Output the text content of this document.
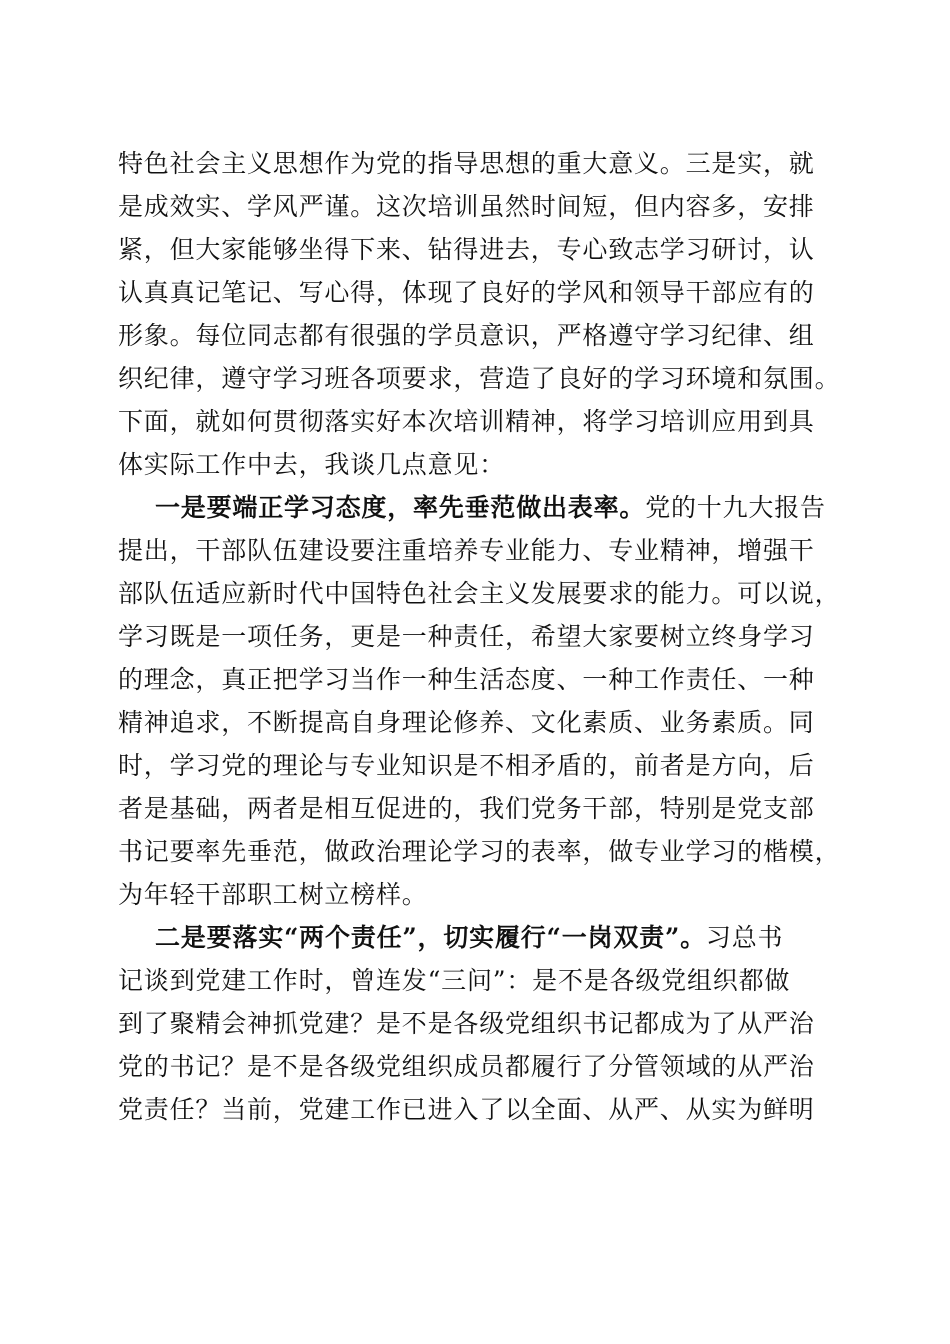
特色社会主义思想作为党的指导思想的重大意义。三是实，就
是成效实、学风严谨。这次培训虽然时间短，但内容多，安排
紧，但大家能够坐得下来、钻得进去，专心致志学习研讨，认
认真真记笔记、写心得，体现了良好的学风和领导干部应有的
形象。每位同志都有很强的学员意识，严格遵守学习纪律、组
织纪律，遵守学习班各项要求，营造了良好的学习环境和氛围。
下面，就如何贯彻落实好本次培训精神，将学习培训应用到具
体实际工作中去，我谈几点意见：
一是要端正学习态度，率先垂范做出表率。党的十九大报告
提出，干部队伍建设要注重培养专业能力、专业精神，增强干
部队伍适应新时代中国特色社会主义发展要求的能力。可以说，
学习既是一项任务，更是一种责任，希望大家要树立终身学习
的理念，真正把学习当作一种生活态度、一种工作责任、一种
精神追求，不断提高自身理论修养、文化素质、业务素质。同
时，学习党的理论与专业知识是不相矛盾的，前者是方向，后
者是基础，两者是相互促进的，我们党务干部，特别是党支部
书记要率先垂范，做政治理论学习的表率，做专业学习的楷模，
为年轻干部职工树立榜样。
二是要落实“两个责任”，切实履行“一岗双责”。习总书
记谈到党建工作时，曾连发“三问”：是不是各级党组织都做
到了聚精会神抓党建？是不是各级党组织书记都成为了从严治
党的书记？是不是各级党组织成员都履行了分管领域的从严治
党责任？当前，党建工作已进入了以全面、从严、从实为鲜明
